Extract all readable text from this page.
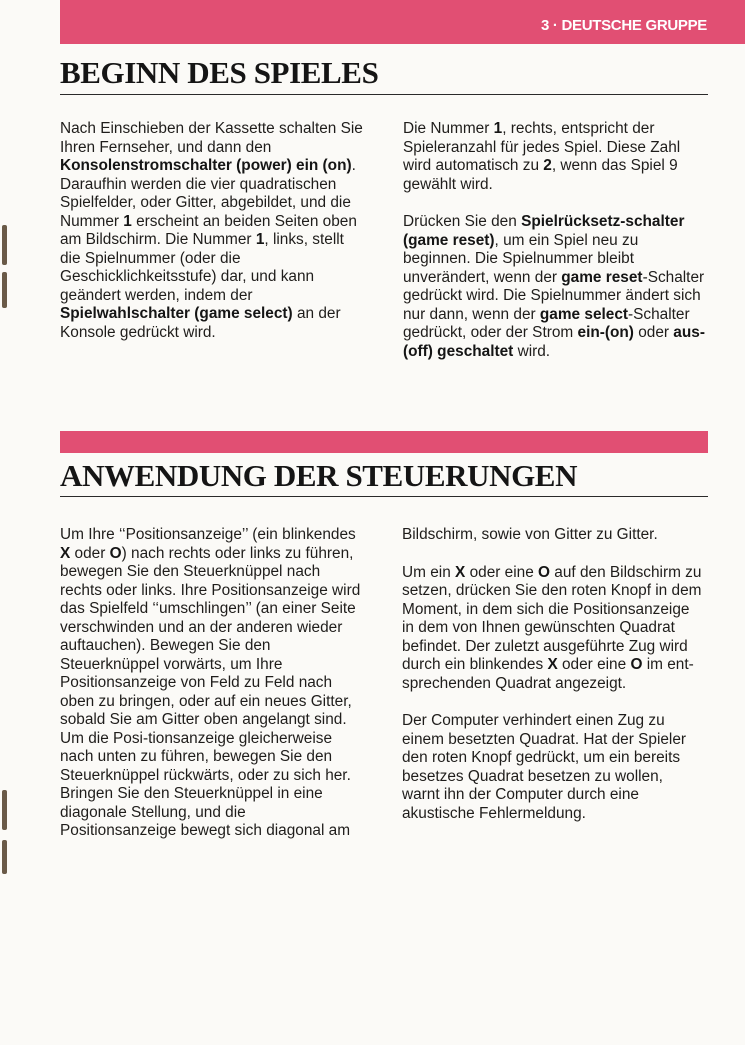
3 · DEUTSCHE GRUPPE
BEGINN DES SPIELES

Nach Einschieben der Kassette schalten Sie Ihren Fernseher, und dann den Konsolenstromschalter (power) ein (on). Daraufhin werden die vier quadratischen Spielfelder, oder Gitter, abgebildet, und die Nummer 1 erscheint an beiden Seiten oben am Bildschirm. Die Nummer 1, links, stellt die Spielnummer (oder die Geschicklichkeitsstufe) dar, und kann geändert werden, indem der Spielwahlschalter (game select) an der Konsole gedrückt wird.

Die Nummer 1, rechts, entspricht der Spieleranzahl für jedes Spiel. Diese Zahl wird automatisch zu 2, wenn das Spiel 9 gewählt wird.

Drücken Sie den Spielrücksetz-schalter (game reset), um ein Spiel neu zu beginnen. Die Spielnummer bleibt unverändert, wenn der game reset-Schalter gedrückt wird. Die Spielnummer ändert sich nur dann, wenn der game select-Schalter gedrückt, oder der Strom ein-(on) oder aus-(off) geschaltet wird.

ANWENDUNG DER STEUERUNGEN

Um Ihre ‘‘Positionsanzeige’’ (ein blinkendes X oder O) nach rechts oder links zu führen, bewegen Sie den Steuerknüppel nach rechts oder links. Ihre Positionsanzeige wird das Spielfeld ‘‘umschlingen’’ (an einer Seite verschwinden und an der anderen wieder auftauchen). Bewegen Sie den Steuerknüppel vorwärts, um Ihre Positionsanzeige von Feld zu Feld nach oben zu bringen, oder auf ein neues Gitter, sobald Sie am Gitter oben angelangt sind. Um die Posi-tionsanzeige gleicherweise nach unten zu führen, bewegen Sie den Steuerknüppel rückwärts, oder zu sich her. Bringen Sie den Steuerknüppel in eine diagonale Stellung, und die Positionsanzeige bewegt sich diagonal am

Bildschirm, sowie von Gitter zu Gitter.

Um ein X oder eine O auf den Bildschirm zu setzen, drücken Sie den roten Knopf in dem Moment, in dem sich die Positionsanzeige in dem von Ihnen gewünschten Quadrat befindet. Der zuletzt ausgeführte Zug wird durch ein blinkendes X oder eine O im ent-sprechenden Quadrat angezeigt.

Der Computer verhindert einen Zug zu einem besetzten Quadrat. Hat der Spieler den roten Knopf gedrückt, um ein bereits besetzes Quadrat besetzen zu wollen, warnt ihn der Computer durch eine akustische Fehlermeldung.
